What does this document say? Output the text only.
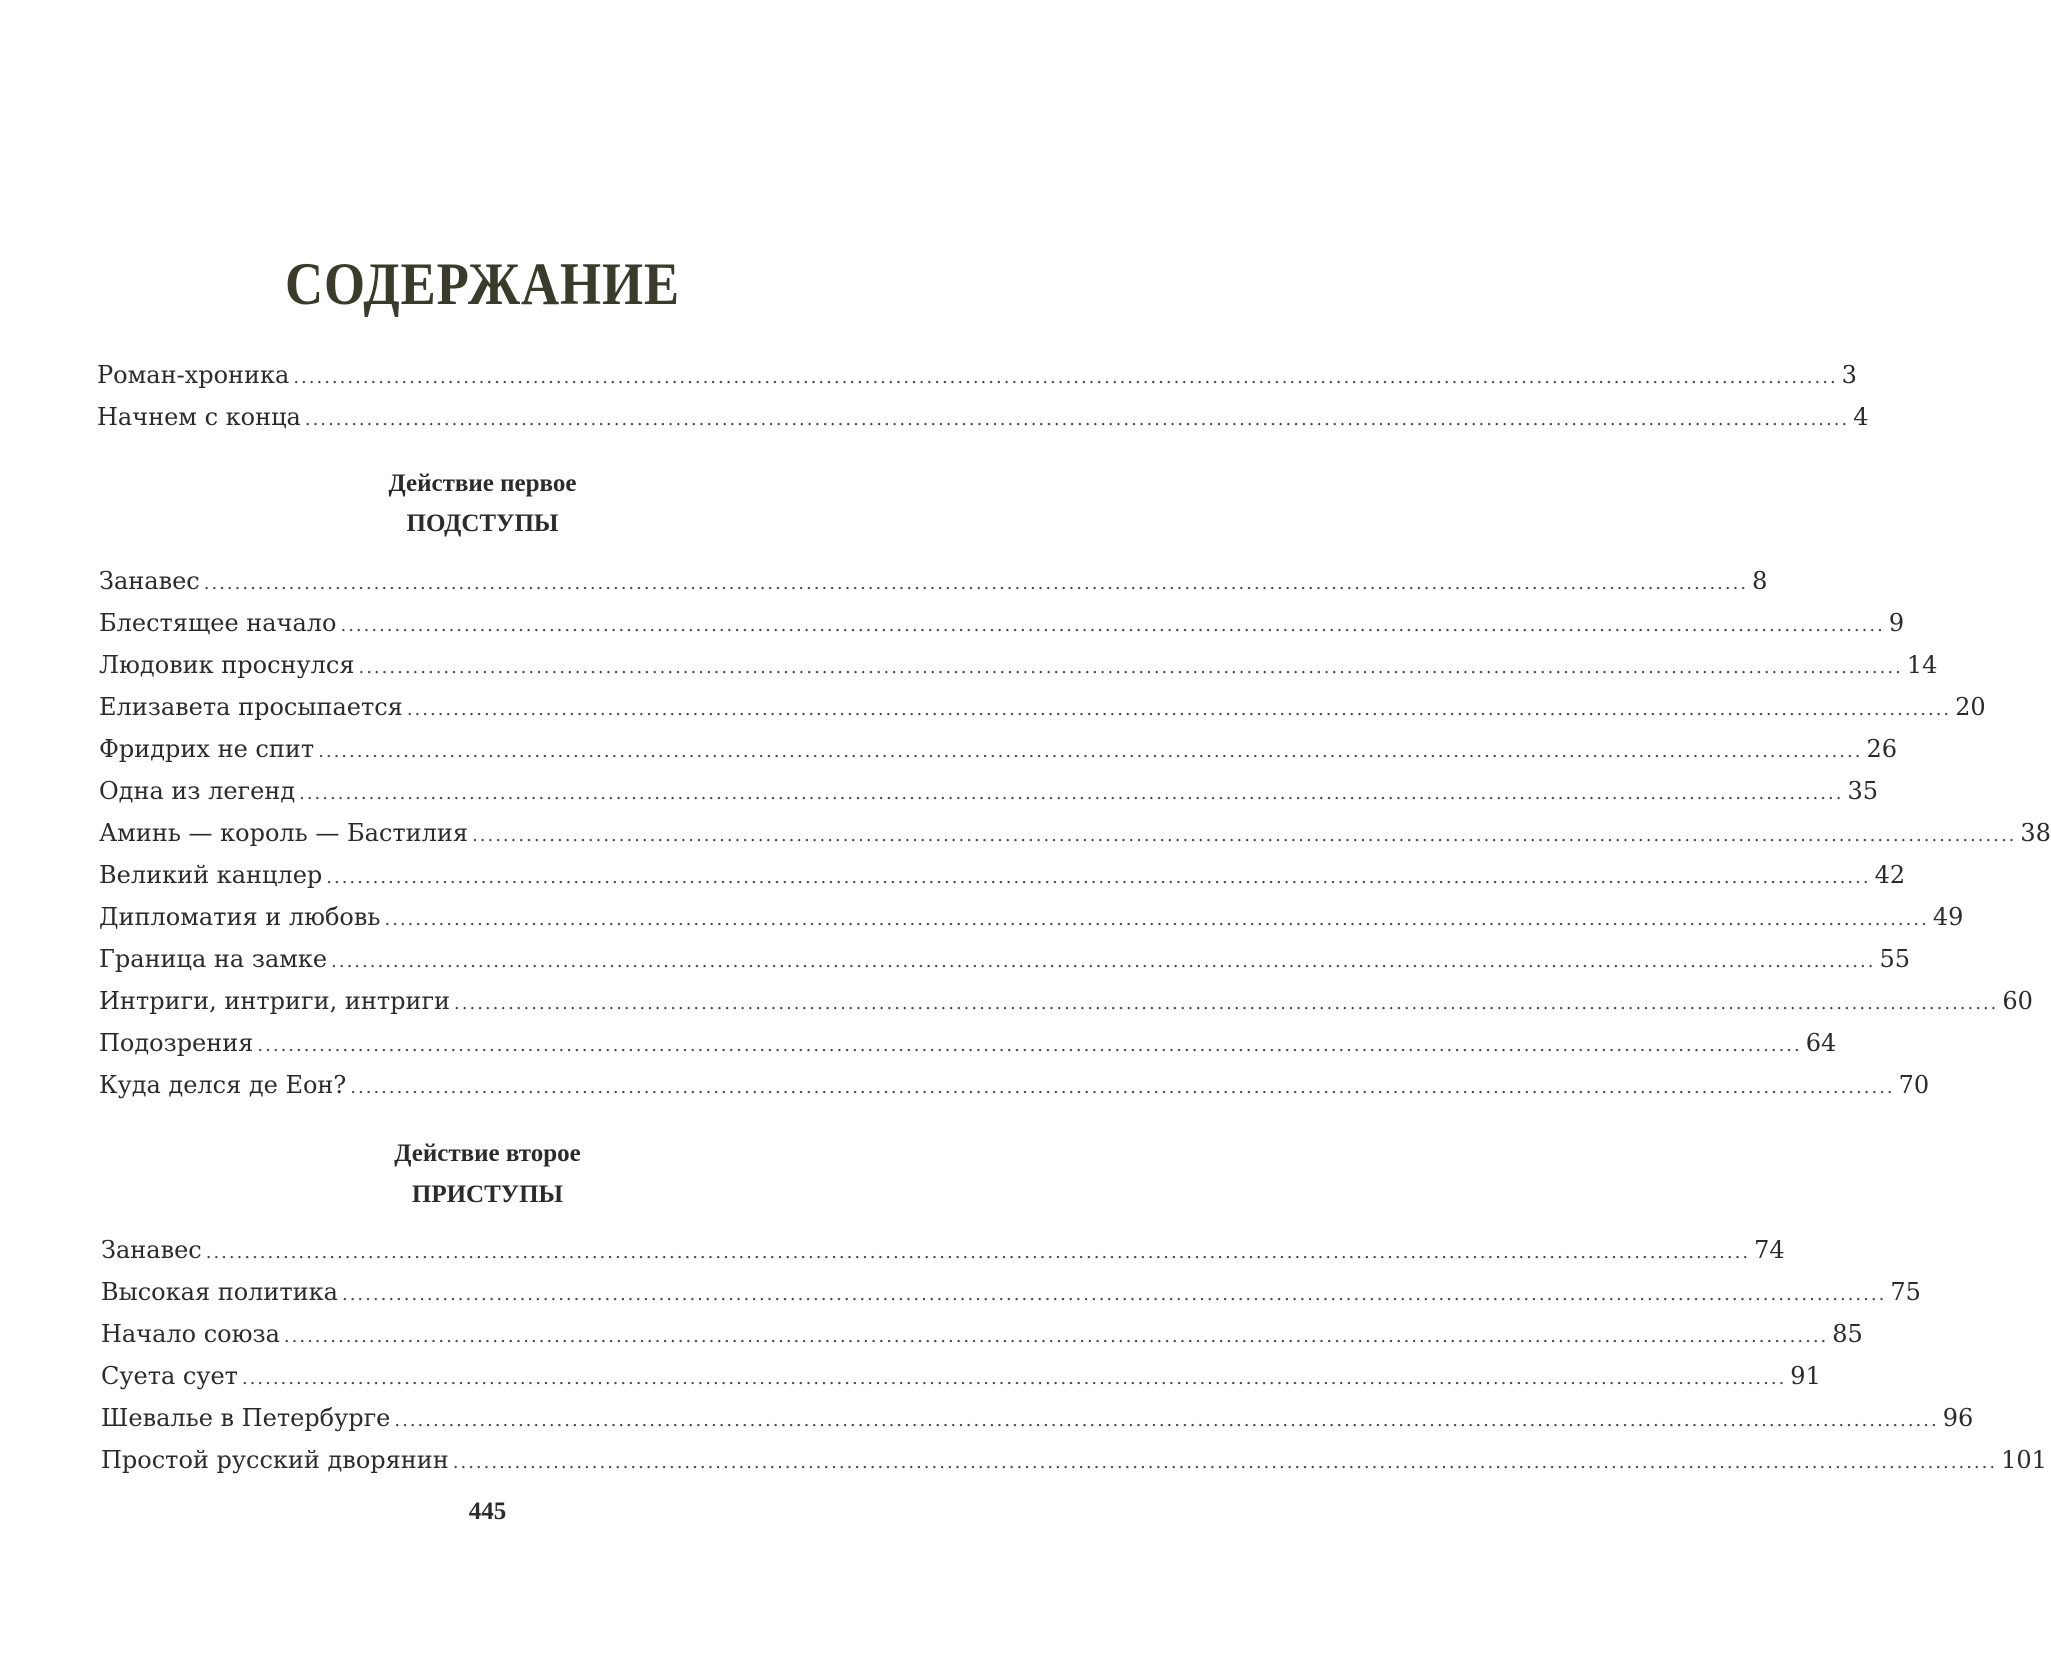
СОДЕРЖАНИЕ
Роман-хроника ........................................................................................................................................................................................................ 3
Начнем с конца ........................................................................................................................................................................................................ 4
Действие первое
ПОДСТУПЫ
Занавес ........................................................................................................................................................................................................ 8
Блестящее начало ........................................................................................................................................................................................................ 9
Людовик проснулся ........................................................................................................................................................................................................ 14
Елизавета просыпается ........................................................................................................................................................................................................ 20
Фридрих не спит ........................................................................................................................................................................................................ 26
Одна из легенд ........................................................................................................................................................................................................ 35
Аминь — король — Бастилия ........................................................................................................................................................................................................ 38
Великий канцлер ........................................................................................................................................................................................................ 42
Дипломатия и любовь ........................................................................................................................................................................................................ 49
Граница на замке ........................................................................................................................................................................................................ 55
Интриги, интриги, интриги ........................................................................................................................................................................................................ 60
Подозрения ........................................................................................................................................................................................................ 64
Куда делся де Еон? ........................................................................................................................................................................................................ 70
Действие второе
ПРИСТУПЫ
Занавес ........................................................................................................................................................................................................ 74
Высокая политика ........................................................................................................................................................................................................ 75
Начало союза ........................................................................................................................................................................................................ 85
Суета сует ........................................................................................................................................................................................................ 91
Шевалье в Петербурге ........................................................................................................................................................................................................ 96
Простой русский дворянин ........................................................................................................................................................................................................ 101
445
